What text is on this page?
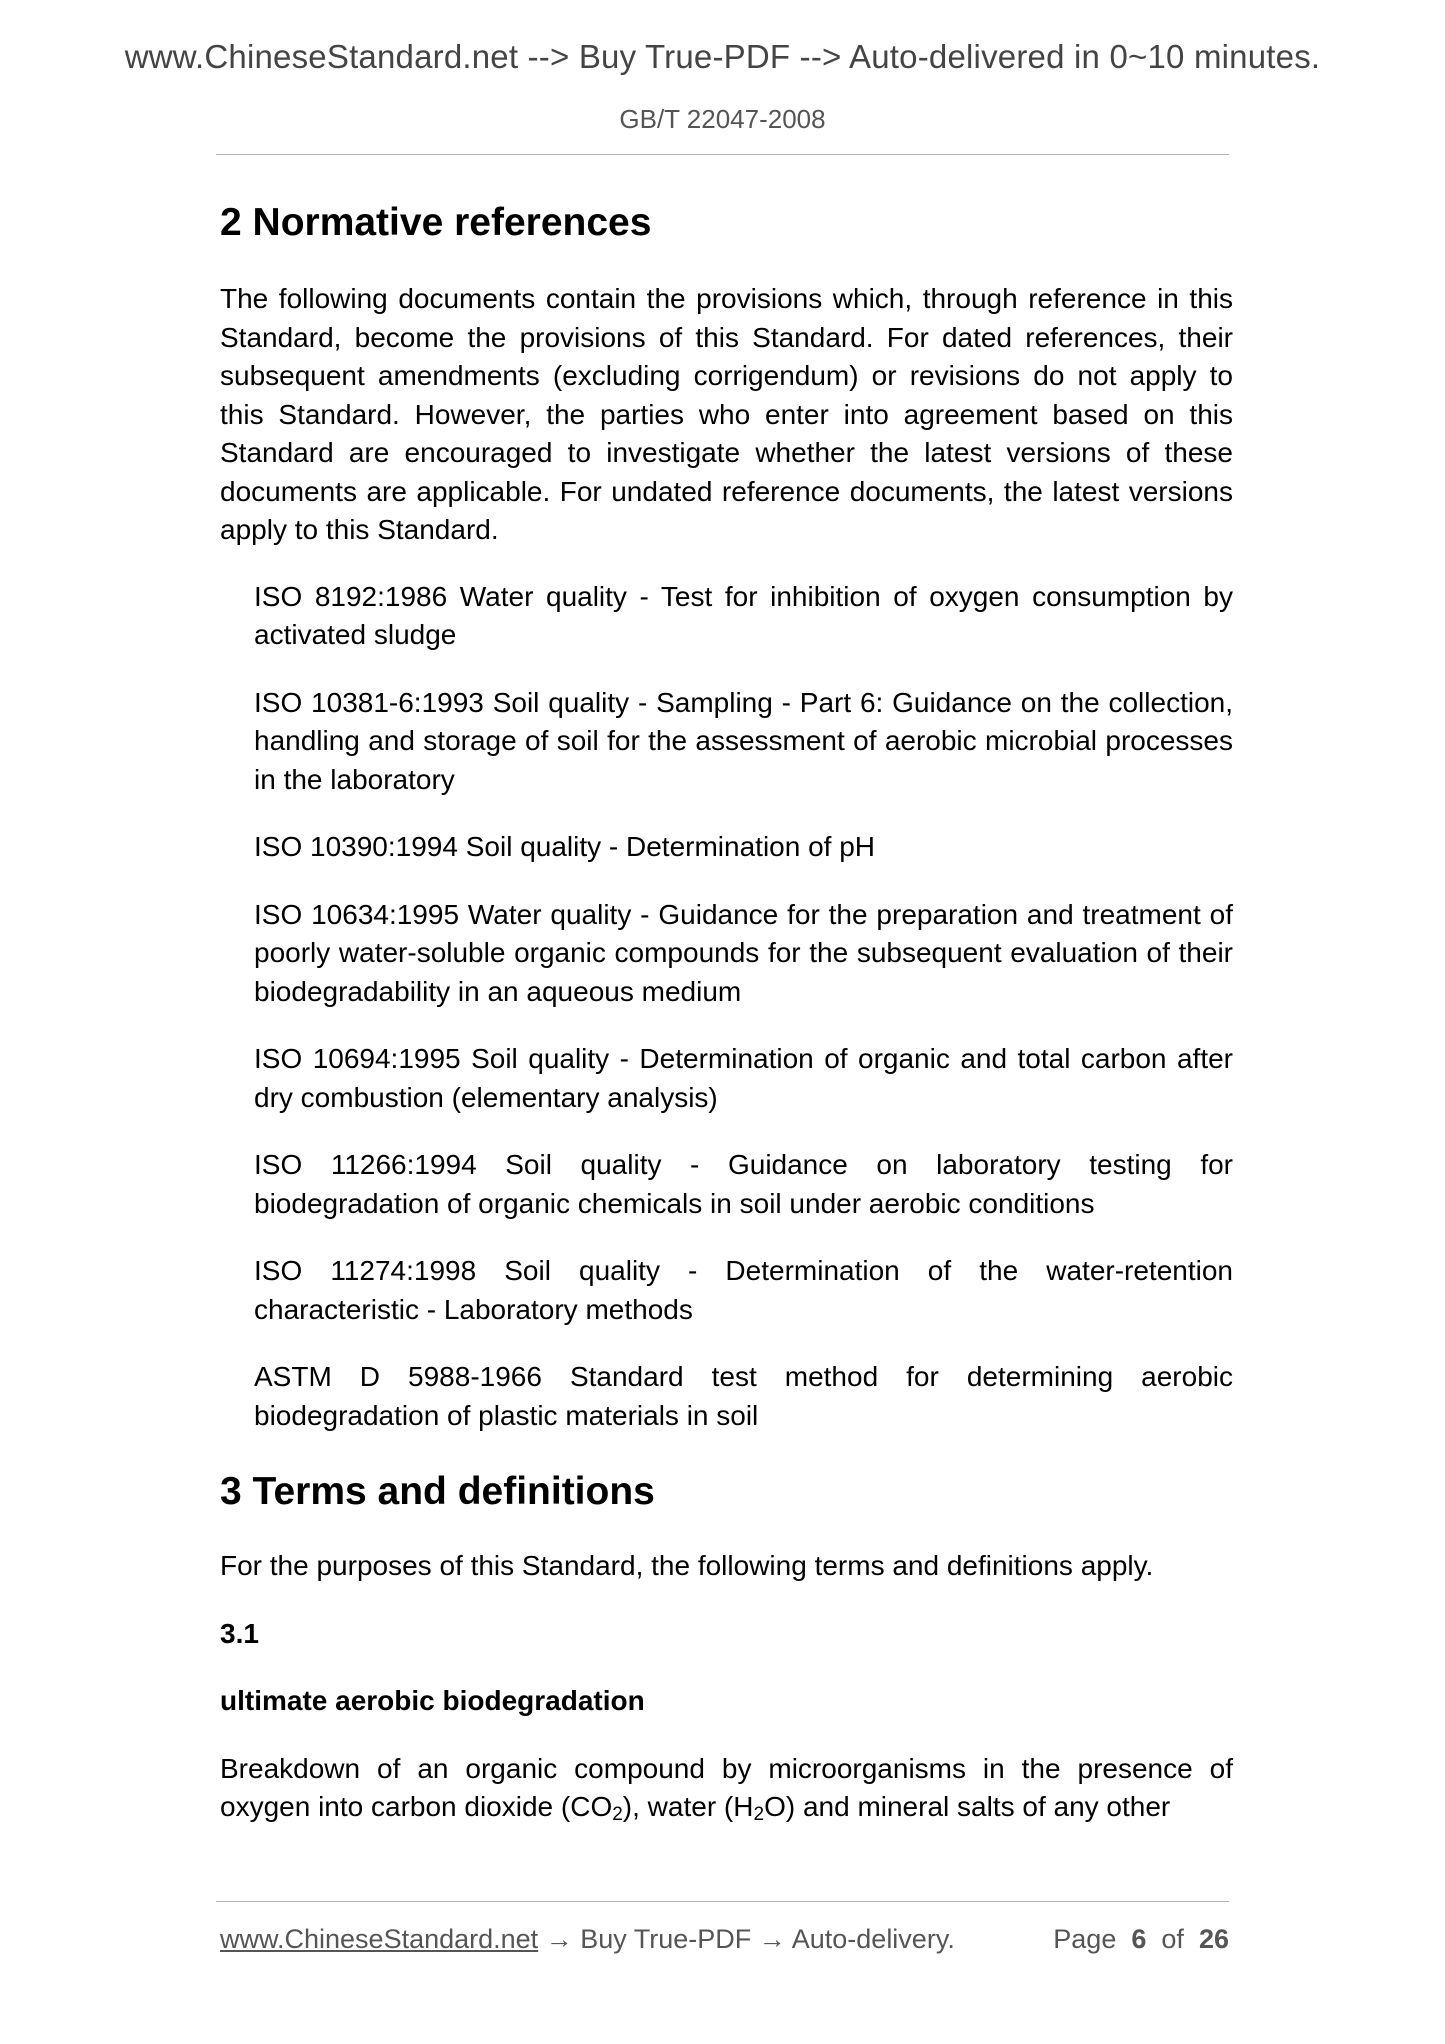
www.ChineseStandard.net --> Buy True-PDF --> Auto-delivered in 0~10 minutes.
GB/T 22047-2008
2 Normative references

The following documents contain the provisions which, through reference in this Standard, become the provisions of this Standard. For dated references, their subsequent amendments (excluding corrigendum) or revisions do not apply to this Standard. However, the parties who enter into agreement based on this Standard are encouraged to investigate whether the latest versions of these documents are applicable. For undated reference documents, the latest versions apply to this Standard.

ISO 8192:1986 Water quality - Test for inhibition of oxygen consumption by activated sludge

ISO 10381-6:1993 Soil quality - Sampling - Part 6: Guidance on the collection, handling and storage of soil for the assessment of aerobic microbial processes in the laboratory

ISO 10390:1994 Soil quality - Determination of pH

ISO 10634:1995 Water quality - Guidance for the preparation and treatment of poorly water-soluble organic compounds for the subsequent evaluation of their biodegradability in an aqueous medium

ISO 10694:1995 Soil quality - Determination of organic and total carbon after dry combustion (elementary analysis)

ISO 11266:1994 Soil quality - Guidance on laboratory testing for biodegradation of organic chemicals in soil under aerobic conditions

ISO 11274:1998 Soil quality - Determination of the water-retention characteristic - Laboratory methods

ASTM D 5988-1966 Standard test method for determining aerobic biodegradation of plastic materials in soil

3 Terms and definitions

For the purposes of this Standard, the following terms and definitions apply.

3.1
ultimate aerobic biodegradation

Breakdown of an organic compound by microorganisms in the presence of oxygen into carbon dioxide $(CO_2)$, water $(H_2O)$ and mineral salts of any other

www.ChineseStandard.net → Buy True-PDF → Auto-delivery.	Page 6 of 26
